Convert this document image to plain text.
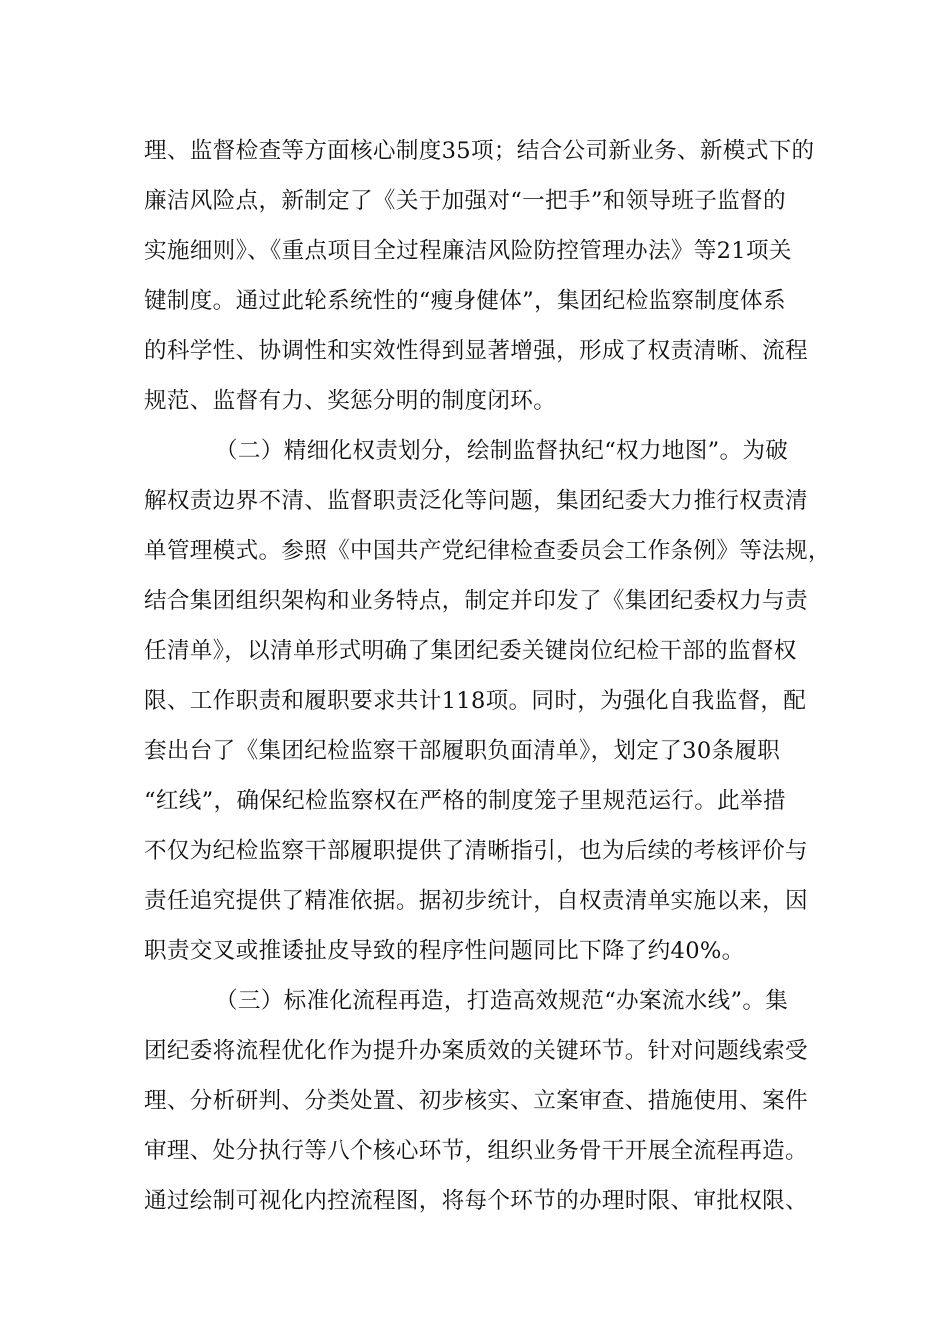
理、监督检查等方面核心制度35项；结合公司新业务、新模式下的
廉洁风险点，新制定了《关于加强对“一把手”和领导班子监督的
实施细则》、《重点项目全过程廉洁风险防控管理办法》等21项关
键制度。通过此轮系统性的“瘦身健体”，集团纪检监察制度体系
的科学性、协调性和实效性得到显著增强，形成了权责清晰、流程
规范、监督有力、奖惩分明的制度闭环。
（二）精细化权责划分，绘制监督执纪“权力地图”。为破
解权责边界不清、监督职责泛化等问题，集团纪委大力推行权责清
单管理模式。参照《中国共产党纪律检查委员会工作条例》等法规，
结合集团组织架构和业务特点，制定并印发了《集团纪委权力与责
任清单》，以清单形式明确了集团纪委关键岗位纪检干部的监督权
限、工作职责和履职要求共计118项。同时，为强化自我监督，配
套出台了《集团纪检监察干部履职负面清单》，划定了30条履职
“红线”，确保纪检监察权在严格的制度笼子里规范运行。此举措
不仅为纪检监察干部履职提供了清晰指引，也为后续的考核评价与
责任追究提供了精准依据。据初步统计，自权责清单实施以来，因
职责交叉或推诿扯皮导致的程序性问题同比下降了约40%。
（三）标准化流程再造，打造高效规范“办案流水线”。集
团纪委将流程优化作为提升办案质效的关键环节。针对问题线索受
理、分析研判、分类处置、初步核实、立案审查、措施使用、案件
审理、处分执行等八个核心环节，组织业务骨干开展全流程再造。
通过绘制可视化内控流程图，将每个环节的办理时限、审批权限、
